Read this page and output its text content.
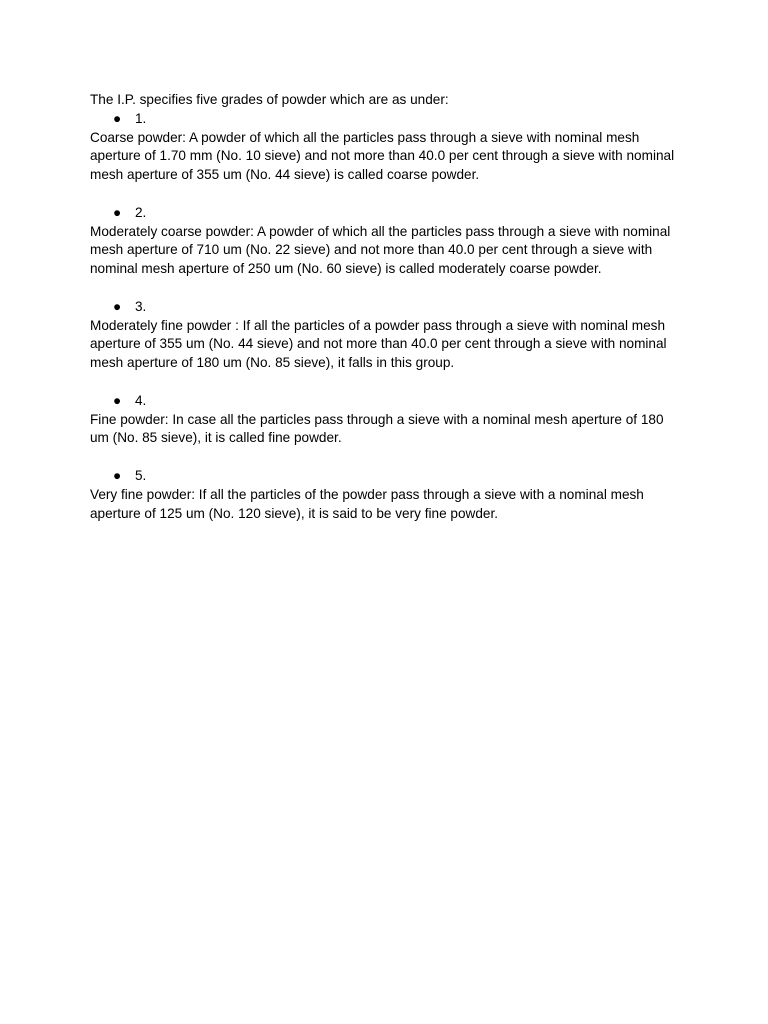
The I.P. specifies five grades of powder which are as under:

● 1.

Coarse powder: A powder of which all the particles pass through a sieve with nominal mesh aperture of 1.70 mm (No. 10 sieve) and not more than 40.0 per cent through a sieve with nominal mesh aperture of 355 um (No. 44 sieve) is called coarse powder.

● 2.

Moderately coarse powder: A powder of which all the particles pass through a sieve with nominal mesh aperture of 710 um (No. 22 sieve) and not more than 40.0 per cent through a sieve with nominal mesh aperture of 250 um (No. 60 sieve) is called moderately coarse powder.

● 3.

Moderately fine powder : If all the particles of a powder pass through a sieve with nominal mesh aperture of 355 um (No. 44 sieve) and not more than 40.0 per cent through a sieve with nominal mesh aperture of 180 um (No. 85 sieve), it falls in this group.

● 4.

Fine powder: In case all the particles pass through a sieve with a nominal mesh aperture of 180 um (No. 85 sieve), it is called fine powder.

● 5.

Very fine powder: If all the particles of the powder pass through a sieve with a nominal mesh aperture of 125 um (No. 120 sieve), it is said to be very fine powder.
